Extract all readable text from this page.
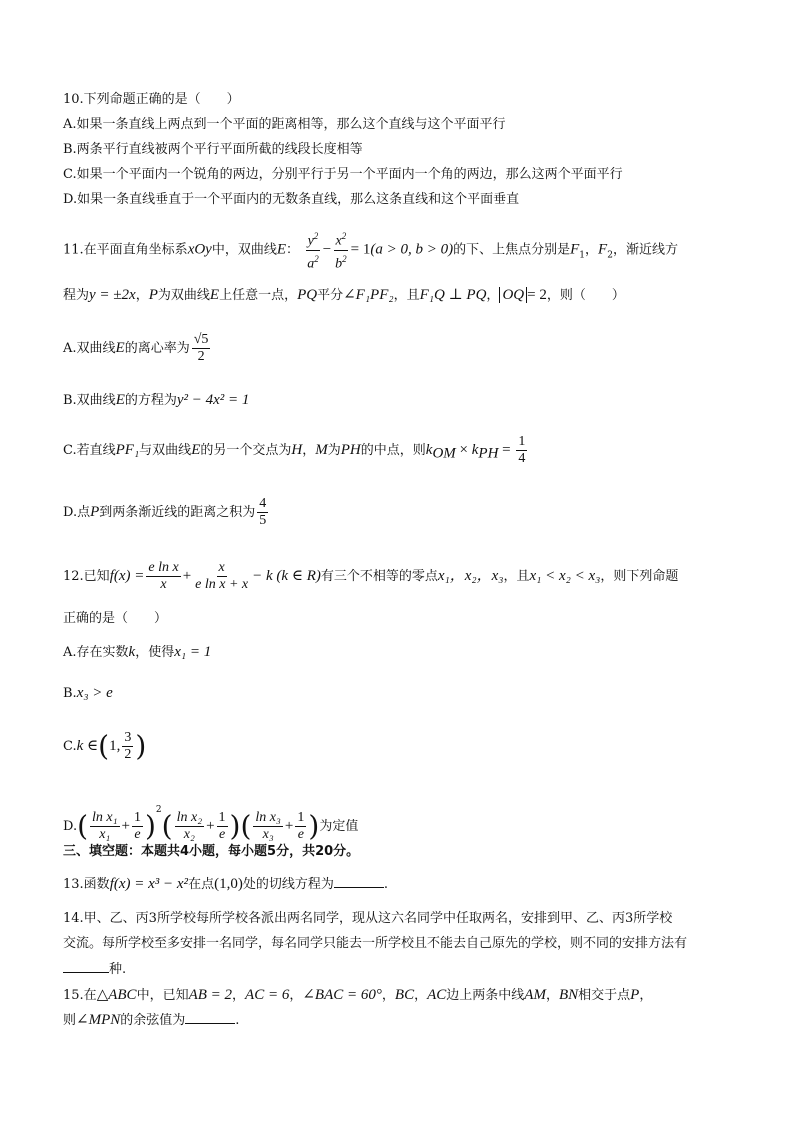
10.下列命题正确的是（　　）
A.如果一条直线上两点到一个平面的距离相等，那么这个直线与这个平面平行
B.两条平行直线被两个平行平面所截的线段长度相等
C.如果一个平面内一个锐角的两边，分别平行于另一个平面内一个角的两边，那么这两个平面平行
D.如果一条直线垂直于一个平面内的无数条直线，那么这条直线和这个平面垂直
11.在平面直角坐标系xOy中，双曲线E： $\frac{y^2}{a^2} - \frac{x^2}{b^2} = 1(a > 0$, b > 0)的下、上焦点分别是$F_1$，$F_2$，渐近线方
程为y = ±2x，P为双曲线E上任意一点，PQ平分∠F₁PF₂，且F₁Q ⊥ PQ， OQ = 2，则（　　）
A.双曲线E的离心率为 $\frac{√5}{2}$
B.双曲线E的方程为y² − 4x² = 1
C.若直线PF₁与双曲线E的另一个交点为H，M为PH的中点，则$k_{OM} \times k_{PH} = \frac{1}{4}$
D.点P到两条渐近线的距离之积为 $\frac{4}{5}$
12.已知$f(x) = \frac{\text{e ln x}}{x} + \frac{x}{\text{e ln x + x}} - k$ (k ∈ R)有三个不相等的零点x₁，x₂，x₃，且x₁ < x₂ < x₃，则下列命题
正确的是（　　）
A.存在实数k，使得x₁ = 1
B.x₃ > e
C.k ∈(1, $\frac{3}{2}$ )
$D.( \frac{\text{ln x₁}}{\text{x₁}} + \frac{1}{e} )^2( \frac{\text{ln x₂}}{\text{x₂}} + \frac{1}{e}$ )( $\frac{\text{ln x₃}}{\text{x₃}} + \frac{1}{e}$ )为定值
三、填空题：本题共4小题，每小题5分，共20分。
13.函数f(x) = x³ − x²在点(1,0)处的切线方程为	.
14.甲、乙、丙3所学校每所学校各派出两名同学，现从这六名同学中任取两名，安排到甲、乙、丙3所学校
交流。每所学校至多安排一名同学，每名同学只能去一所学校且不能去自己原先的学校，则不同的安排方法有
种.
15.在△ABC中，已知AB = 2，AC = 6，∠BAC = 60°，BC，AC边上两条中线AM，BN相交于点P，
则∠MPN的余弦值为	.
